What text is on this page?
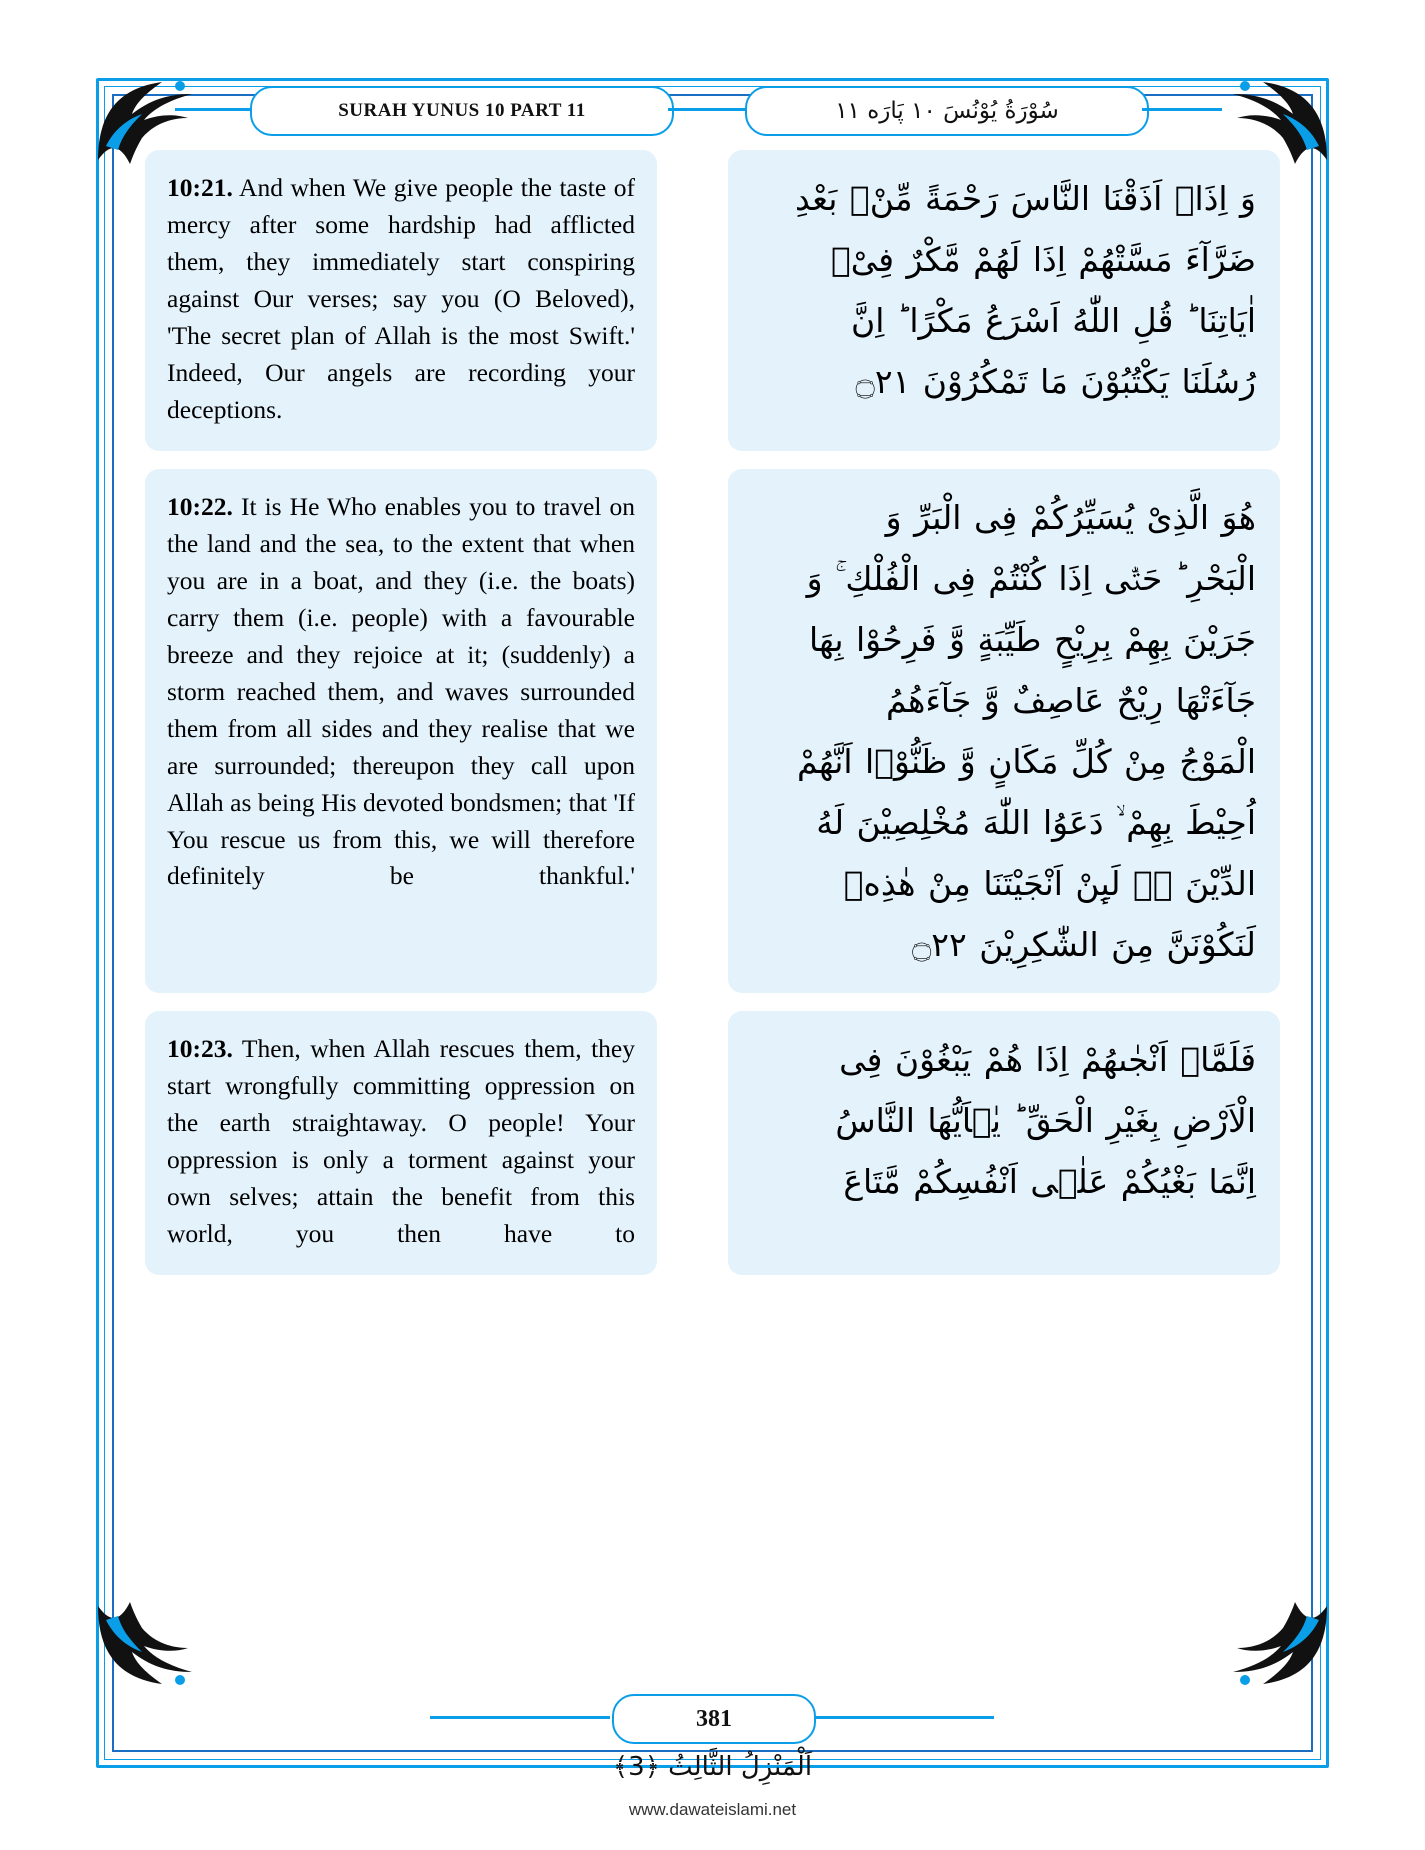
SURAH YUNUS 10 PART 11	سُوْرَةُ يُوْنُسَ ١٠ پَارَه ١١
10:21. And when We give people the taste of mercy after some hardship had afflicted them, they immediately start conspiring against Our verses; say you (O Beloved), 'The secret plan of Allah is the most Swift.' Indeed, Our angels are recording your deceptions.
وَ اِذَاۤ اَذَقْنَا النَّاسَ رَحْمَةً مِّنْۢ بَعْدِ
ضَرَّآءَ مَسَّتْهُمْ اِذَا لَهُمْ مَّكْرٌ فِیْۤ
اٰیَاتِنَا ؕ قُلِ اللّٰهُ اَسْرَعُ مَكْرًا ؕ اِنَّ
رُسُلَنَا یَكْتُبُوْنَ مَا تَمْكُرُوْنَ ۝۲۱
10:22. It is He Who enables you to travel on the land and the sea, to the extent that when you are in a boat, and they (i.e. the boats) carry them (i.e. people) with a favourable breeze and they rejoice at it; (suddenly) a storm reached them, and waves surrounded them from all sides and they realise that we are surrounded; thereupon they call upon Allah as being His devoted bondsmen; that 'If You rescue us from this, we will therefore definitely be thankful.'
هُوَ الَّذِیْ یُسَیِّرُكُمْ فِی الْبَرِّ وَ
الْبَحْرِ ؕ حَتّٰۤی اِذَا كُنْتُمْ فِی الْفُلْكِ ۚ وَ
جَرَیْنَ بِهِمْ بِرِیْحٍ طَیِّبَةٍ وَّ فَرِحُوْا بِهَا
جَآءَتْهَا رِیْحٌ عَاصِفٌ وَّ جَآءَهُمُ
الْمَوْجُ مِنْ كُلِّ مَكَانٍ وَّ ظَنُّوْۤا اَنَّهُمْ
اُحِیْطَ بِهِمْ ۙ دَعَوُا اللّٰهَ مُخْلِصِیْنَ لَهُ
الدِّیْنَ ۚ۬ لَىِٕنْ اَنْجَیْتَنَا مِنْ هٰذِهٖ
لَنَكُوْنَنَّ مِنَ الشّٰكِرِیْنَ ۝۲۲
10:23. Then, when Allah rescues them, they start wrongfully committing oppression on the earth straightaway. O people! Your oppression is only a torment against your own selves; attain the benefit from this world, you then have to
فَلَمَّاۤ اَنْجٰىهُمْ اِذَا هُمْ یَبْغُوْنَ فِی
الْاَرْضِ بِغَیْرِ الْحَقِّ ؕ یٰۤاَیُّهَا النَّاسُ
اِنَّمَا بَغْیُكُمْ عَلٰۤی اَنْفُسِكُمْ مَّتَاعَ
381
اَلْمَنْزِلُ الثَّالِثُ ﴿3﴾
www.dawateislami.net
